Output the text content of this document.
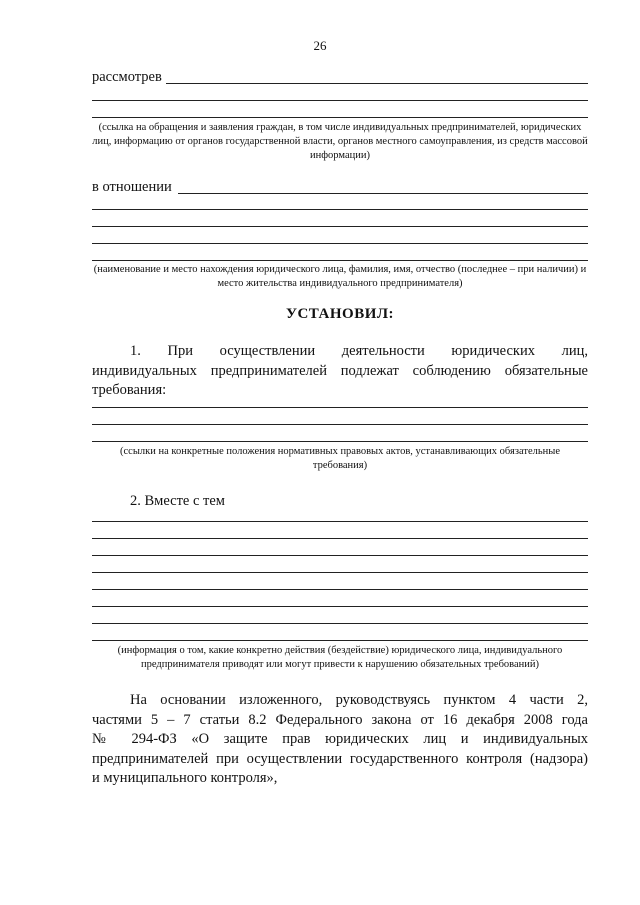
26
рассмотрев
(ссылка на обращения и заявления граждан, в том числе индивидуальных предпринимателей, юридических лиц, информацию от органов государственной власти, органов местного самоуправления, из средств массовой информации)
в отношении
(наименование и место нахождения юридического лица, фамилия, имя, отчество (последнее – при наличии) и место жительства индивидуального предпринимателя)
УСТАНОВИЛ:
1. При осуществлении деятельности юридических лиц,
индивидуальных предпринимателей подлежат соблюдению обязательные
требования:
(ссылки на конкретные положения нормативных правовых актов, устанавливающих обязательные требования)
2. Вместе с тем
(информация о том, какие конкретно действия (бездействие) юридического лица, индивидуального предпринимателя приводят или могут привести к нарушению обязательных требований)
На основании изложенного, руководствуясь пунктом 4 части 2,
частями 5 – 7 статьи 8.2 Федерального закона от 16 декабря 2008 года
№ 294-ФЗ «О защите прав юридических лиц и индивидуальных
предпринимателей при осуществлении государственного контроля (надзора)
и муниципального контроля»,
